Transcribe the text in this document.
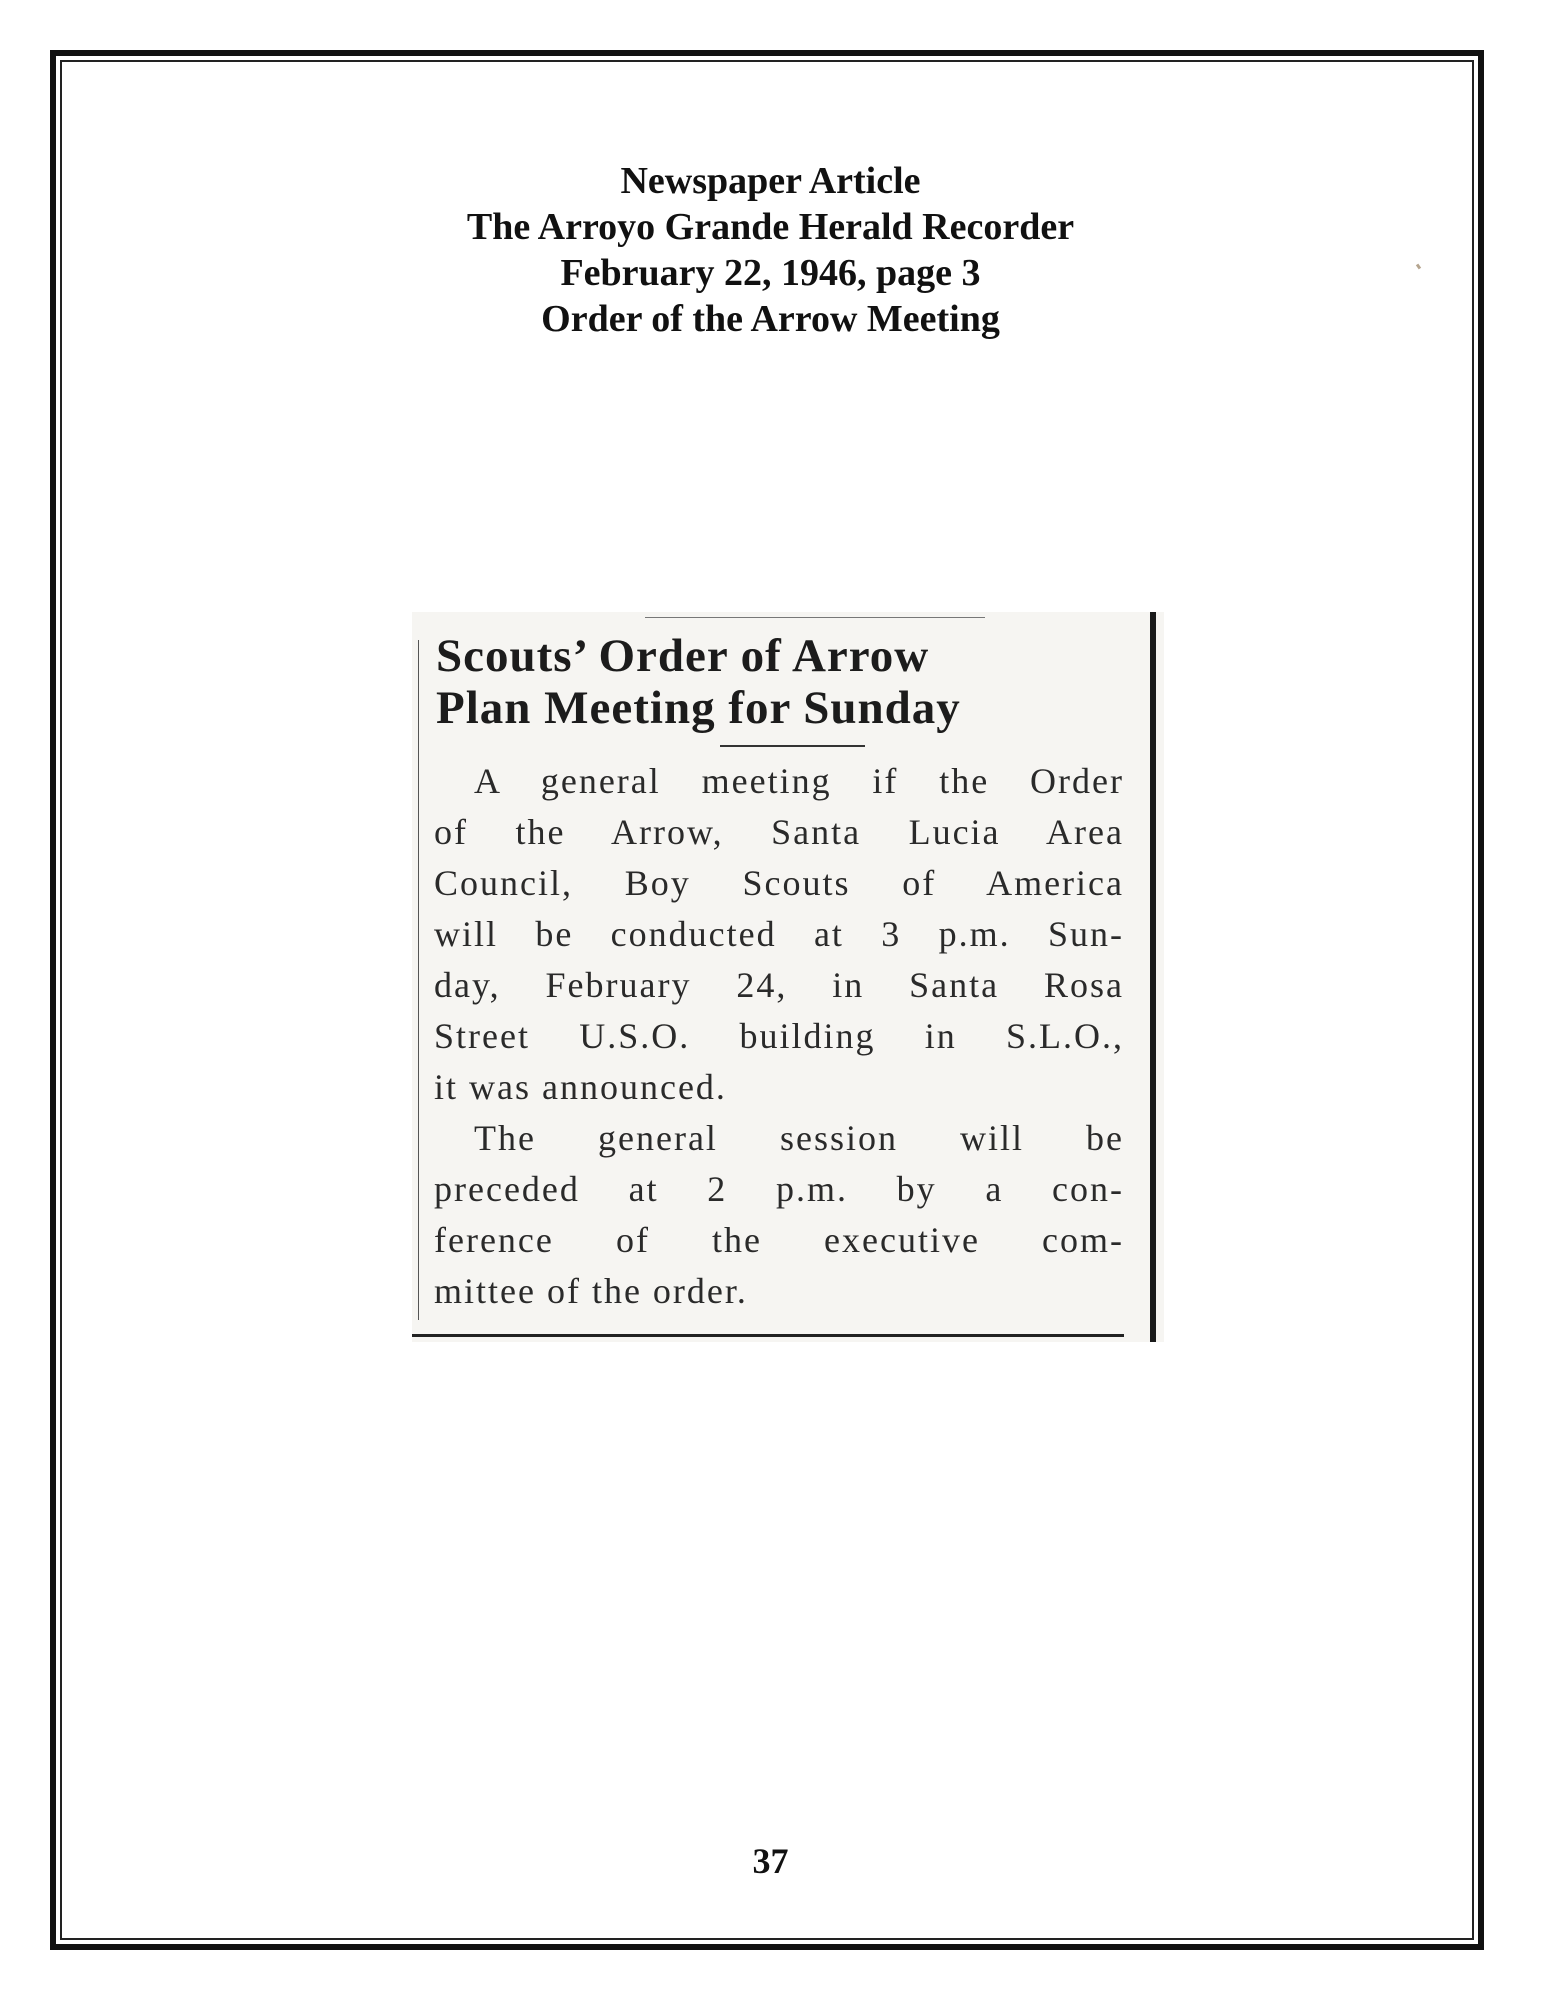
Newspaper Article
The Arroyo Grande Herald Recorder
February 22, 1946, page 3
Order of the Arrow Meeting
Scouts’ Order of Arrow
Plan Meeting for Sunday
A general meeting if the Order
of the Arrow, Santa Lucia Area
Council, Boy Scouts of America
will be conducted at 3 p.m. Sun-
day, February 24, in Santa Rosa
Street U.S.O. building in S.L.O.,
it was announced.
The general session will be
preceded at 2 p.m. by a con-
ference of the executive com-
mittee of the order.
37
